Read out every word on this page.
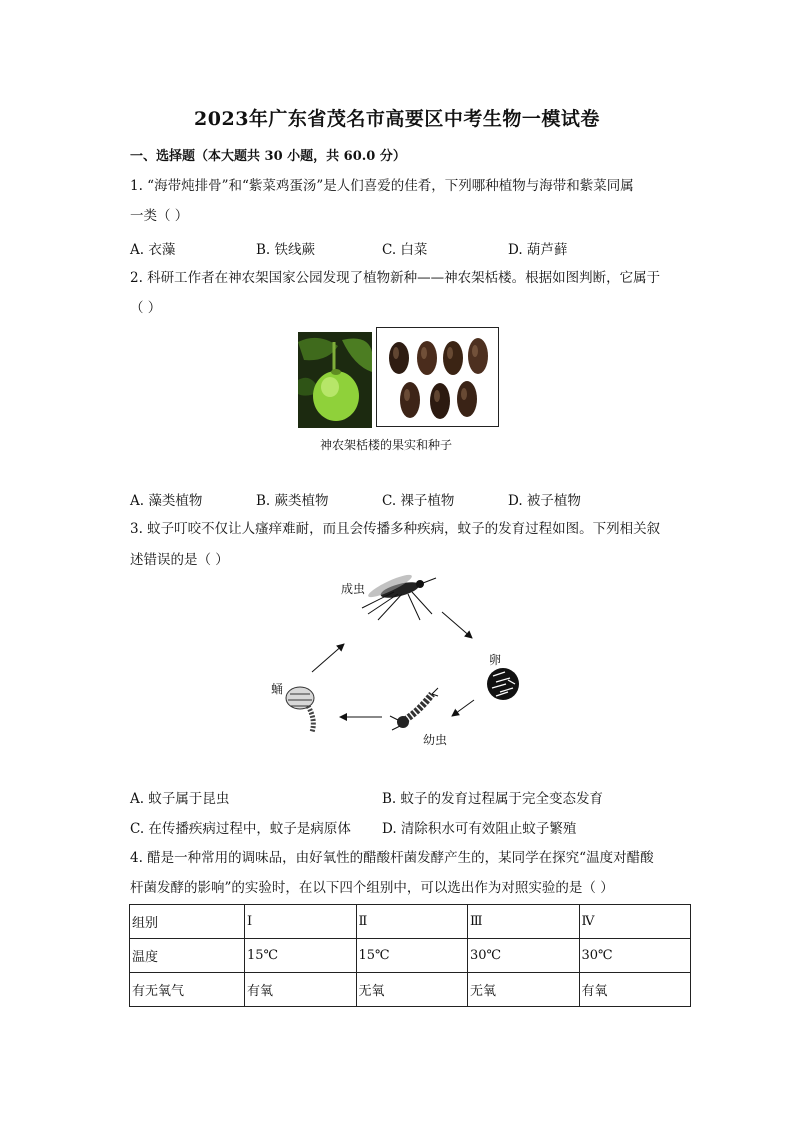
2023年广东省茂名市高要区中考生物一模试卷
一、选择题（本大题共 30 小题，共 60.0 分）
1. “海带炖排骨”和“紫菜鸡蛋汤”是人们喜爱的佳肴，下列哪种植物与海带和紫菜同属
一类（ ）
A. 衣藻	B. 铁线蕨	C. 白菜	D. 葫芦藓
2. 科研工作者在神农架国家公园发现了植物新种——神农架栝楼。根据如图判断，它属于
（ ）
神农架栝楼的果实和种子
A. 藻类植物	B. 蕨类植物	C. 裸子植物	D. 被子植物
3. 蚊子叮咬不仅让人瘙痒难耐，而且会传播多种疾病，蚊子的发育过程如图。下列相关叙
述错误的是（ ）
成虫
卵
幼虫
蛹
A. 蚊子属于昆虫	B. 蚊子的发育过程属于完全变态发育
C. 在传播疾病过程中，蚊子是病原体 D. 清除积水可有效阻止蚊子繁殖
4. 醋是一种常用的调味品，由好氧性的醋酸杆菌发酵产生的，某同学在探究“温度对醋酸
杆菌发酵的影响”的实验时，在以下四个组别中，可以选出作为对照实验的是（ ）
组别	Ⅰ	Ⅱ	Ⅲ	Ⅳ
温度	15℃	15℃	30℃	30℃
有无氧气	有氧	无氧	无氧	有氧
